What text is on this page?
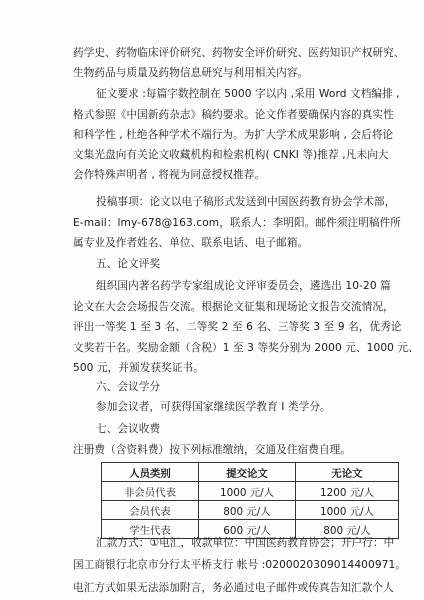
药学史、药物临床评价研究、药物安全评价研究、医药知识产权研究、
生物药品与质量及药物信息研究与利用相关内容。
征文要求 :每篇字数控制在 5000 字以内 ,采用 Word 文档编排 ,
格式参照《中国新药杂志》稿约要求。论文作者要确保内容的真实性
和科学性 , 杜绝各种学术不端行为。为扩大学术成果影响 , 会后将论
文集光盘向有关论文收藏机构和检索机构( CNKI 等)推荐 ,凡未向大
会作特殊声明者 , 将视为同意授权推荐。
投稿事项：论文以电子稿形式发送到中国医药教育协会学术部，
E-mail：lmy-678@163.com，联系人：李明阳。邮件须注明稿件所
属专业及作者姓名、单位、联系电话、电子邮箱。
五、论文评奖
组织国内著名药学专家组成论文评审委员会，遴选出 10-20 篇
论文在大会会场报告交流。根据论文征集和现场论文报告交流情况，
评出一等奖 1 至 3 名、二等奖 2 至 6 名、三等奖 3 至 9 名，优秀论
文奖若干名。奖励金额（含税）1 至 3 等奖分别为 2000 元、1000 元、
500 元，并颁发获奖证书。
六、会议学分
参加会议者，可获得国家继续医学教育 I 类学分。
七、会议收费
注册费（含资料费）按下列标准缴纳，交通及住宿费自理。
人员类别	提交论文	无论文
非会员代表	1000 元/人	1200 元/人
会员代表	800 元/人	1000 元/人
学生代表	600 元/人	800 元/人
汇款方式：①电汇，收款单位：中国医药教育协会；开户行：中
国工商银行北京市分行太平桥支行 帐号 :0200020309014400971。
电汇方式如果无法添加附言，务必通过电子邮件或传真告知汇款个人
